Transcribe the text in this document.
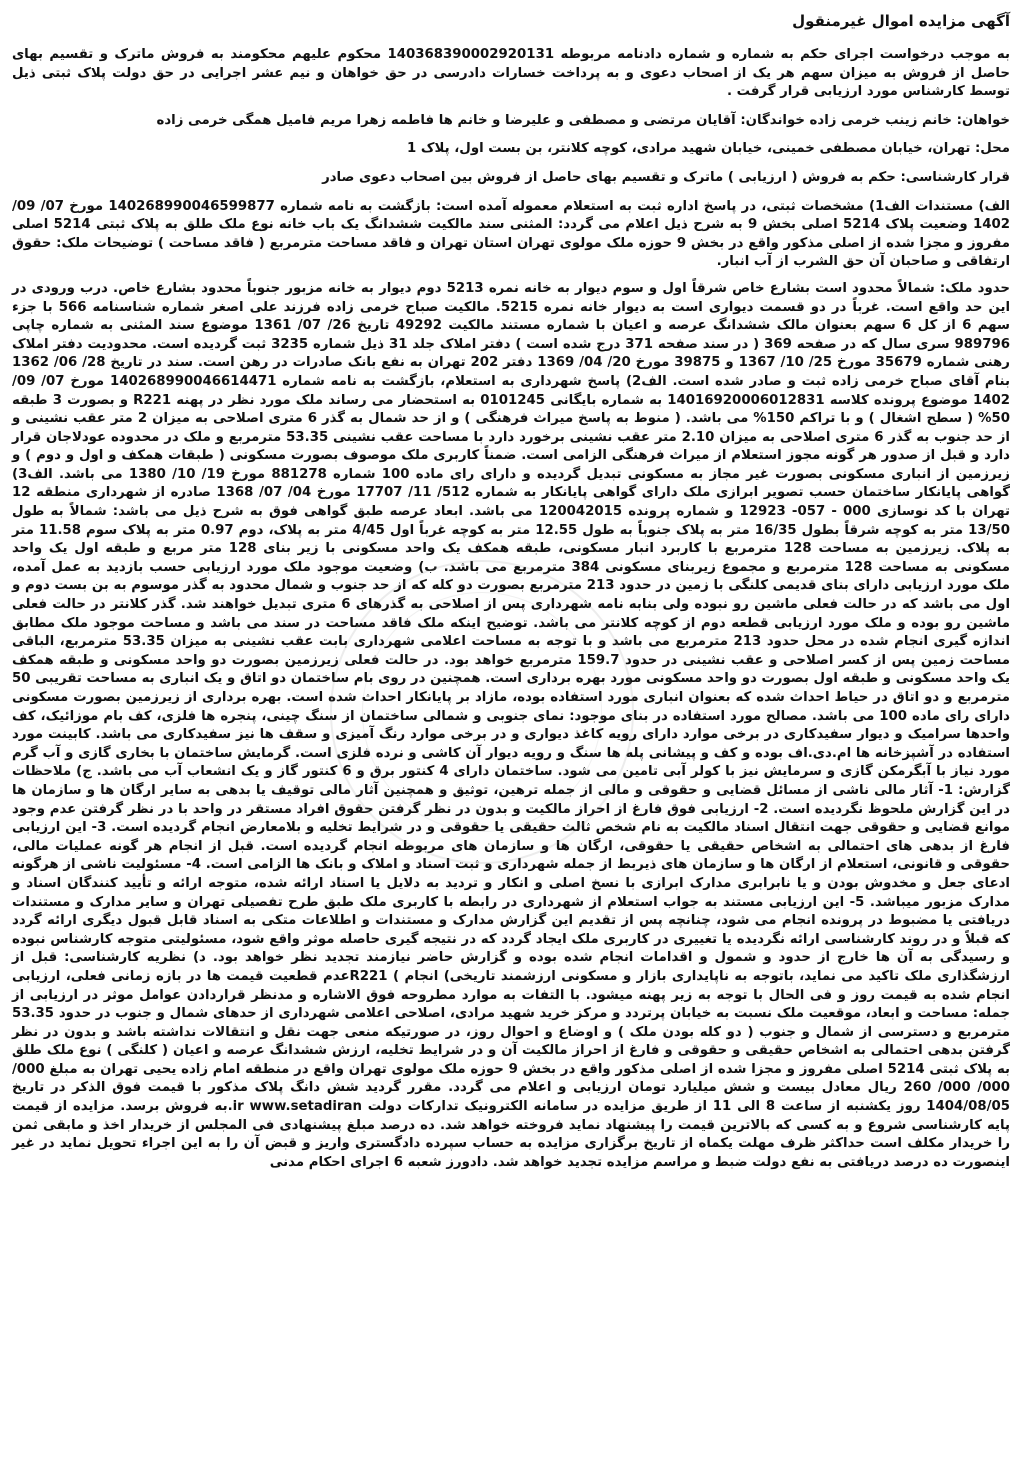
آگهی مزایده اموال غیرمنقول

به موجب درخواست اجرای حکم به شماره و شماره دادنامه مربوطه 140368390002920131 محکوم علیهم محکومند به فروش ماترک و تقسیم بهای حاصل از فروش به میزان سهم هر یک از اصحاب دعوی و به پرداخت خسارات دادرسی در حق خواهان و نیم عشر اجرایی در حق دولت پلاک ثبتی ذیل توسط کارشناس مورد ارزیابی قرار گرفت .

خواهان: خانم زینب خرمی زاده خواندگان: آقایان مرتضی و مصطفی و علیرضا و خانم ها فاطمه زهرا مریم فامیل همگی خرمی زاده

محل: تهران، خیابان مصطفی خمینی، خیابان شهید مرادی، کوچه کلانتر، بن بست اول، پلاک 1

قرار کارشناسی: حکم به فروش ( ارزیابی ) ماترک و تقسیم بهای حاصل از فروش بین اصحاب دعوی صادر

الف) مستندات الف1) مشخصات ثبتی، در پاسخ اداره ثبت به استعلام معموله آمده است: بازگشت به نامه شماره 140268990046599877 مورخ 07/ 09/ 1402 وضعیت پلاک 5214 اصلی بخش 9 به شرح ذیل اعلام می گردد: المثنی سند مالکیت ششدانگ یک باب خانه نوع ملک طلق به پلاک ثبتی 5214 اصلی مفروز و مجزا شده از اصلی مذکور واقع در بخش 9 حوزه ملک مولوی تهران استان تهران و فاقد مساحت مترمربع ( فاقد مساحت ) توضیحات ملک: حقوق ارتفاقی و صاحبان آن حق الشرب از آب انبار.

حدود ملک: شمالاً محدود است بشارع خاص شرقاً اول و سوم دیوار به خانه نمره 5213 دوم دیوار به خانه مزبور جنوباً محدود بشارع خاص. درب ورودی در این حد واقع است. غرباً در دو قسمت دیواری است به دیوار خانه نمره 5215. مالکیت صباح خرمی زاده فرزند علی اصغر شماره شناسنامه 566 با جزء سهم 6 از کل 6 سهم بعنوان مالک ششدانگ عرصه و اعیان با شماره مستند مالکیت 49292 تاریخ 26/ 07/ 1361 موضوع سند المثنی به شماره چاپی 989796 سری سال که در صفحه 369 ( در سند صفحه 371 درج شده است ) دفتر املاک جلد 31 ذیل شماره 3235 ثبت گردیده است. محدودیت دفتر املاک رهنی شماره 35679 مورخ 25/ 10/ 1367 و 39875 مورخ 20/ 04/ 1369 دفتر 202 تهران به نفع بانک صادرات در رهن است. سند در تاریخ 28/ 06/ 1362 بنام آقای صباح خرمی زاده ثبت و صادر شده است. الف2) پاسخ شهرداری به استعلام، بازگشت به نامه شماره 140268990046614471 مورخ 07/ 09/ 1402 موضوع پرونده کلاسه 14016920006012831 به شماره بایگانی 0101245 به استحضار می رساند ملک مورد نظر در پهنه R221 و بصورت 3 طبقه 50% ( سطح اشغال ) و با تراکم 150% می باشد. ( منوط به پاسخ میراث فرهنگی ) و از حد شمال به گذر 6 متری اصلاحی به میزان 2 متر عقب نشینی و از حد جنوب به گذر 6 متری اصلاحی به میزان 2.10 متر عقب نشینی برخورد دارد با مساحت عقب نشینی 53.35 مترمربع و ملک در محدوده عودلاجان قرار دارد و قبل از صدور هر گونه مجوز استعلام از میراث فرهنگی الزامی است. ضمناً کاربری ملک موصوف بصورت مسکونی ( طبقات همکف و اول و دوم ) و زیرزمین از انباری مسکونی بصورت غیر مجاز به مسکونی تبدیل گردیده و دارای رای ماده 100 شماره 881278 مورخ 19/ 10/ 1380 می باشد. الف3) گواهی پایانکار ساختمان حسب تصویر ابرازی ملک دارای گواهی پایانکار به شماره 512/ 11/ 17707 مورخ 04/ 07/ 1368 صادره از شهرداری منطقه 12 تهران با کد نوسازی 000 - 057- 12923 و شماره پرونده 120042015 می باشد. ابعاد عرصه طبق گواهی فوق به شرح ذیل می باشد: شمالاً به طول 13/50 متر به کوچه شرقاً بطول 16/35 متر به پلاک جنوباً به طول 12.55 متر به کوچه غرباً اول 4/45 متر به پلاک، دوم 0.97 متر به پلاک سوم 11.58 متر به پلاک. زیرزمین به مساحت 128 مترمربع با کاربرد انبار مسکونی، طبقه همکف یک واحد مسکونی با زیر بنای 128 متر مربع و طبقه اول یک واحد مسکونی به مساحت 128 مترمربع و مجموع زیربنای مسکونی 384 مترمربع می باشد. ب) وضعیت موجود ملک مورد ارزیابی حسب بازدید به عمل آمده، ملک مورد ارزیابی دارای بنای قدیمی کلنگی با زمین در حدود 213 مترمربع بصورت دو کله که از حد جنوب و شمال محدود به گذر موسوم به بن بست دوم و اول می باشد که در حالت فعلی ماشین رو نبوده ولی بنابه نامه شهرداری پس از اصلاحی به گذرهای 6 متری تبدیل خواهند شد. گذر کلانتر در حالت فعلی ماشین رو بوده و ملک مورد ارزیابی قطعه دوم از کوچه کلانتر می باشد. توضیح اینکه ملک فاقد مساحت در سند می باشد و مساحت موجود ملک مطابق اندازه گیری انجام شده در محل حدود 213 مترمربع می باشد و با توجه به مساحت اعلامی شهرداری بابت عقب نشینی به میزان 53.35 مترمربع، الباقی مساحت زمین پس از کسر اصلاحی و عقب نشینی در حدود 159.7 مترمربع خواهد بود. در حالت فعلی زیرزمین بصورت دو واحد مسکونی و طبقه همکف یک واحد مسکونی و طبقه اول بصورت دو واحد مسکونی مورد بهره برداری است. همچنین در روی بام ساختمان دو اتاق و یک انباری به مساحت تقریبی 50 مترمربع و دو اتاق در حیاط احداث شده که بعنوان انباری مورد استفاده بوده، مازاد بر پایانکار احداث شده است. بهره برداری از زیرزمین بصورت مسکونی دارای رای ماده 100 می باشد. مصالح مورد استفاده در بنای موجود: نمای جنوبی و شمالی ساختمان از سنگ چینی، پنجره ها فلزی، کف بام موزائیک، کف واحدها سرامیک و دیوار سفیدکاری در برخی موارد دارای رویه کاغذ دیواری و در برخی موارد رنگ آمیزی و سقف ها نیز سفیدکاری می باشد. کابینت مورد استفاده در آشپزخانه ها ام.دی.اف بوده و کف و پیشانی پله ها سنگ و رویه دیوار آن کاشی و نرده فلزی است. گرمایش ساختمان با بخاری گازی و آب گرم مورد نیاز با آبگرمکن گازی و سرمایش نیز با کولر آبی تامین می شود. ساختمان دارای 4 کنتور برق و 6 کنتور گاز و یک انشعاب آب می باشد. ج) ملاحظات گزارش: 1- آثار مالی ناشی از مسائل قضایی و حقوقی و مالی از جمله ترهین، توثیق و همچنین آثار مالی توقیف یا بدهی به سایر ارگان ها و سازمان ها در این گزارش ملحوظ نگردیده است. 2- ارزیابی فوق فارغ از احراز مالکیت و بدون در نظر گرفتن حقوق افراد مستقر در واحد با در نظر گرفتن عدم وجود موانع قضایی و حقوقی جهت انتقال اسناد مالکیت به نام شخص ثالث حقیقی یا حقوقی و در شرایط تخلیه و بلامعارض انجام گردیده است. 3- این ارزیابی فارغ از بدهی های احتمالی به اشخاص حقیقی یا حقوقی، ارگان ها و سازمان های مربوطه انجام گردیده است. قبل از انجام هر گونه عملیات مالی، حقوقی و قانونی، استعلام از ارگان ها و سازمان های ذیربط از جمله شهرداری و ثبت اسناد و املاک و بانک ها الزامی است. 4- مسئولیت ناشی از هرگونه ادعای جعل و مخدوش بودن و یا نابرابری مدارک ابرازی با نسخ اصلی و انکار و تردید به دلایل یا اسناد ارائه شده، متوجه ارائه و تأیید کنندگان اسناد و مدارک مزبور میباشد. 5- این ارزیابی مستند به جواب استعلام از شهرداری در رابطه با کاربری ملک طبق طرح تفصیلی تهران و سایر مدارک و مستندات دریافتی یا مضبوط در پرونده انجام می شود، چنانچه پس از تقدیم این گزارش مدارک و مستندات و اطلاعات متکی به اسناد قابل قبول دیگری ارائه گردد که قبلاً و در روند کارشناسی ارائه نگردیده یا تغییری در کاربری ملک ایجاد گردد که در نتیجه گیری حاصله موثر واقع شود، مسئولیتی متوجه کارشناس نبوده و رسیدگی به آن ها خارج از حدود و شمول و اقدامات انجام شده بوده و گزارش حاضر نیازمند تجدید نظر خواهد بود. د) نظریه کارشناسی: قبل از ارزشگذاری ملک تاکید می نماید، باتوجه به ناپایداری بازار و مسکونی ارزشمند تاریخی) انجام ) R221عدم قطعیت قیمت ها در بازه زمانی فعلی، ارزیابی انجام شده به قیمت روز و فی الحال با توجه به زیر پهنه میشود. با التفات به موارد مطروحه فوق الاشاره و مدنظر قراردادن عوامل موثر در ارزیابی از جمله: مساحت و ابعاد، موقعیت ملک نسبت به خیابان پرتردد و مرکز خرید شهید مرادی، اصلاحی اعلامی شهرداری از حدهای شمال و جنوب در حدود 53.35 مترمربع و دسترسی از شمال و جنوب ( دو کله بودن ملک ) و اوضاع و احوال روز، در صورتیکه منعی جهت نقل و انتقالات نداشته باشد و بدون در نظر گرفتن بدهی احتمالی به اشخاص حقیقی و حقوقی و فارغ از احراز مالکیت آن و در شرایط تخلیه، ارزش ششدانگ عرصه و اعیان ( کلنگی ) نوع ملک طلق به پلاک ثبتی 5214 اصلی مفروز و مجزا شده از اصلی مذکور واقع در بخش 9 حوزه ملک مولوی تهران واقع در منطقه امام زاده یحیی تهران به مبلغ 000/ 000/ 000/ 260 ریال معادل بیست و شش میلیارد تومان ارزیابی و اعلام می گردد. مقرر گردید شش دانگ پلاک مذکور با قیمت فوق الذکر در تاریخ 1404/08/05 روز یکشنبه از ساعت 8 الی 11 از طریق مزایده در سامانه الکترونیک تدارکات دولت ir www.setadiran.به فروش برسد. مزایده از قیمت پایه کارشناسی شروع و به کسی که بالاترین قیمت را پیشنهاد نماید فروخته خواهد شد. ده درصد مبلغ پیشنهادی فی المجلس از خریدار اخذ و مابقی ثمن را خریدار مکلف است حداکثر ظرف مهلت یکماه از تاریخ برگزاری مزایده به حساب سپرده دادگستری واریز و قبض آن را به این اجراء تحویل نماید در غیر اینصورت ده درصد دریافتی به نفع دولت ضبط و مراسم مزایده تجدید خواهد شد. دادورز شعبه 6 اجرای احکام مدنی
